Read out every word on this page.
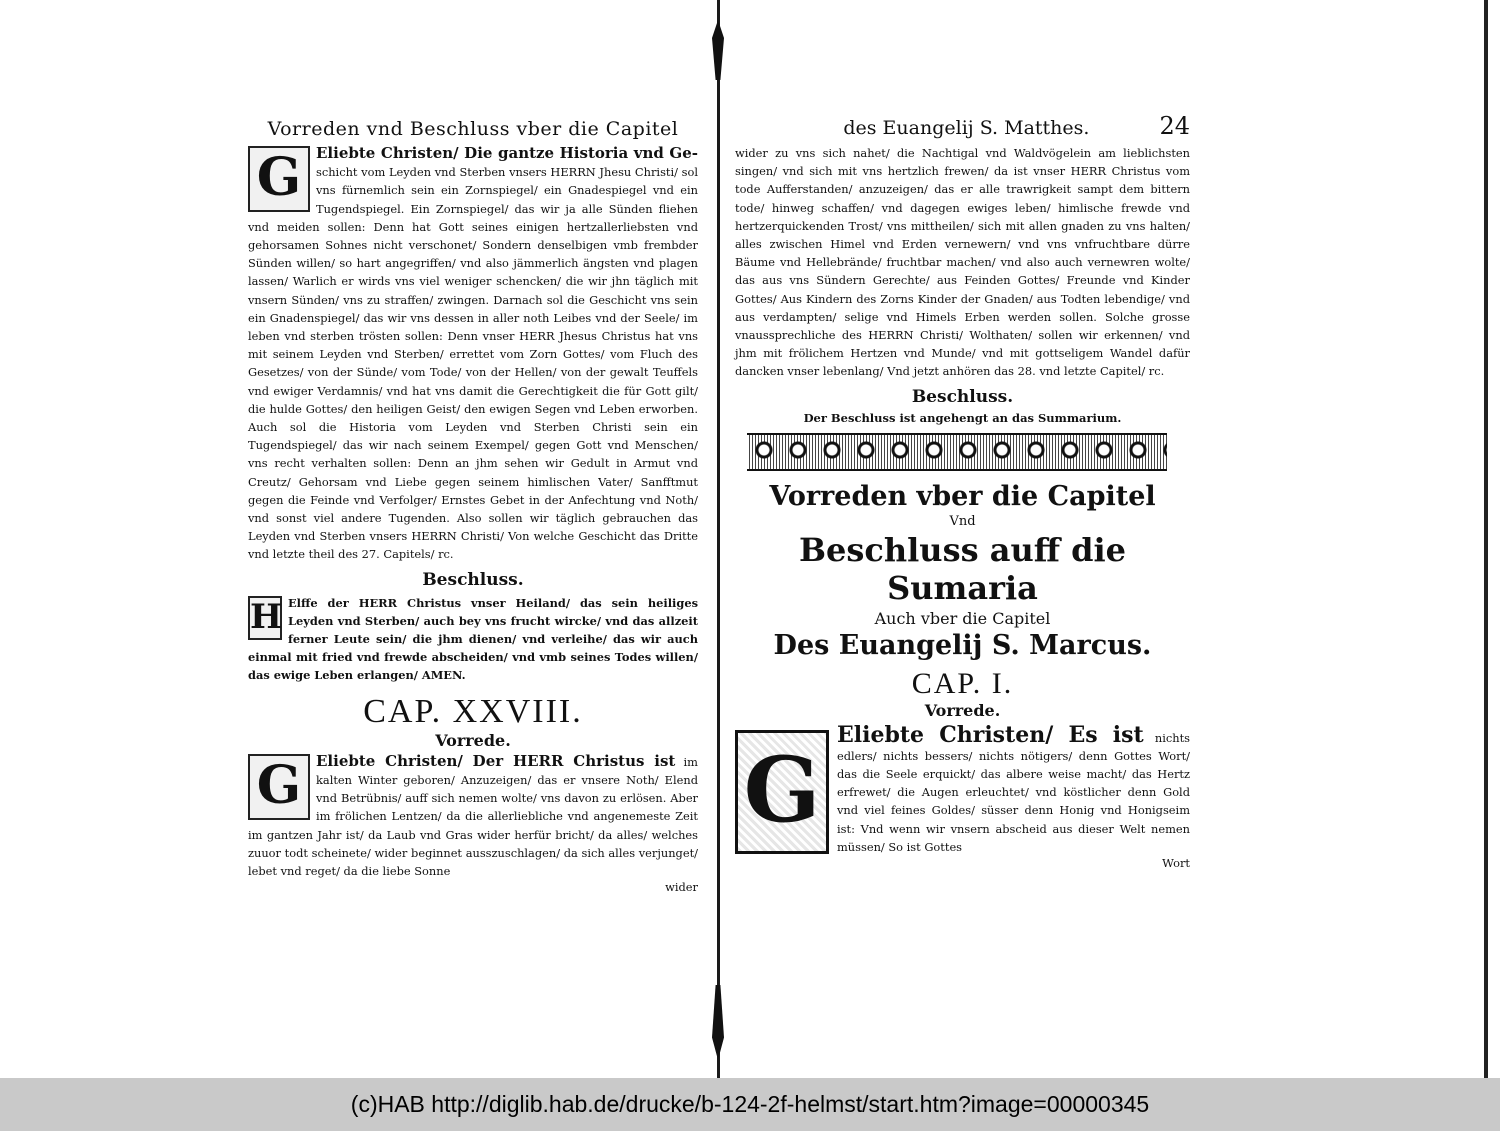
Vorreden vnd Beschluss vber die Capitel

G Eliebte Christen/ Die gantze Historia vnd Ge- schicht vom Leyden vnd Sterben vnsers HERRN Jhesu Christi/ sol vns fürnemlich sein ein Zornspiegel/ ein Gnadespiegel vnd ein Tugendspiegel. Ein Zornspiegel/ das wir ja alle Sünden fliehen vnd meiden sollen: Denn hat Gott seines einigen hertzallerliebsten vnd gehorsamen Sohnes nicht verschonet/ Sondern denselbigen vmb frembder Sünden willen/ so hart angegriffen/ vnd also jämmerlich ängsten vnd plagen lassen/ Warlich er wirds vns viel weniger schencken/ die wir jhn täglich mit vnsern Sünden/ vns zu straffen/ zwingen. Darnach sol die Geschicht vns sein ein Gnadenspiegel/ das wir vns dessen in aller noth Leibes vnd der Seele/ im leben vnd sterben trösten sollen: Denn vnser HERR Jhesus Christus hat vns mit seinem Leyden vnd Sterben/ errettet vom Zorn Gottes/ vom Fluch des Gesetzes/ von der Sünde/ vom Tode/ von der Hellen/ von der gewalt Teuffels vnd ewiger Verdamnis/ vnd hat vns damit die Gerechtigkeit die für Gott gilt/ die hulde Gottes/ den heiligen Geist/ den ewigen Segen vnd Leben erworben. Auch sol die Historia vom Leyden vnd Sterben Christi sein ein Tugendspiegel/ das wir nach seinem Exempel/ gegen Gott vnd Menschen/ vns recht verhalten sollen: Denn an jhm sehen wir Gedult in Armut vnd Creutz/ Gehorsam vnd Liebe gegen seinem himlischen Vater/ Sanfftmut gegen die Feinde vnd Verfolger/ Ernstes Gebet in der Anfechtung vnd Noth/ vnd sonst viel andere Tugenden. Also sollen wir täglich gebrauchen das Leyden vnd Sterben vnsers HERRN Christi/ Von welche Geschicht das Dritte vnd letzte theil des 27. Capitels/ rc.

Beschluss.
H Elffe der HERR Christus vnser Heiland/ das sein heiliges Leyden vnd Sterben/ auch bey vns frucht wircke/ vnd das allzeit ferner Leute sein/ die jhm dienen/ vnd verleihe/ das wir auch einmal mit fried vnd frewde abscheiden/ vnd vmb seines Todes willen/ das ewige Leben erlangen/ AMEN.

CAP. XXVIII.
Vorrede.
G Eliebte Christen/ Der HERR Christus ist im kalten Winter geboren/ Anzuzeigen/ das er vnsere Noth/ Elend vnd Betrübnis/ auff sich nemen wolte/ vns davon zu erlösen. Aber im frölichen Lentzen/ da die allerliebliche vnd angenemeste Zeit im gantzen Jahr ist/ da Laub vnd Gras wider herfür bricht/ da alles/ welches zuuor todt scheinete/ wider beginnet ausszuschlagen/ da sich alles verjunget/ lebet vnd reget/ da die liebe Sonne

wider

des Euangelij S. Matthes.	24

wider zu vns sich nahet/ die Nachtigal vnd Waldvögelein am lieblichsten singen/ vnd sich mit vns hertzlich frewen/ da ist vnser HERR Christus vom tode Aufferstanden/ anzuzeigen/ das er alle trawrigkeit sampt dem bittern tode/ hinweg schaffen/ vnd dagegen ewiges leben/ himlische frewde vnd hertzerquickenden Trost/ vns mittheilen/ sich mit allen gnaden zu vns halten/ alles zwischen Himel vnd Erden vernewern/ vnd vns vnfruchtbare dürre Bäume vnd Hellebrände/ fruchtbar machen/ vnd also auch vernewren wolte/ das aus vns Sündern Gerechte/ aus Feinden Gottes/ Freunde vnd Kinder Gottes/ Aus Kindern des Zorns Kinder der Gnaden/ aus Todten lebendige/ vnd aus verdampten/ selige vnd Himels Erben werden sollen. Solche grosse vnaussprechliche des HERRN Christi/ Wolthaten/ sollen wir erkennen/ vnd jhm mit frölichem Hertzen vnd Munde/ vnd mit gottseligem Wandel dafür dancken vnser lebenlang/ Vnd jetzt anhören das 28. vnd letzte Capitel/ rc.

Beschluss.
Der Beschluss ist angehengt an das Summarium.
Vorreden vber die Capitel
Vnd
Beschluss auff die Sumaria
Auch vber die Capitel
Des Euangelij S. Marcus.
CAP. I.
Vorrede.
G

Eliebte Christen/ Es ist nichts edlers/ nichts bessers/ nichts nötigers/ denn Gottes Wort/ das die Seele erquickt/ das albere weise macht/ das Hertz erfrewet/ die Augen erleuchtet/ vnd köstlicher denn Gold vnd viel feines Goldes/ süsser denn Honig vnd Honigseim ist: Vnd wenn wir vnsern abscheid aus dieser Welt nemen müssen/ So ist Gottes

Wort

(c)HAB http://diglib.hab.de/drucke/b-124-2f-helmst/start.htm?image=00000345
